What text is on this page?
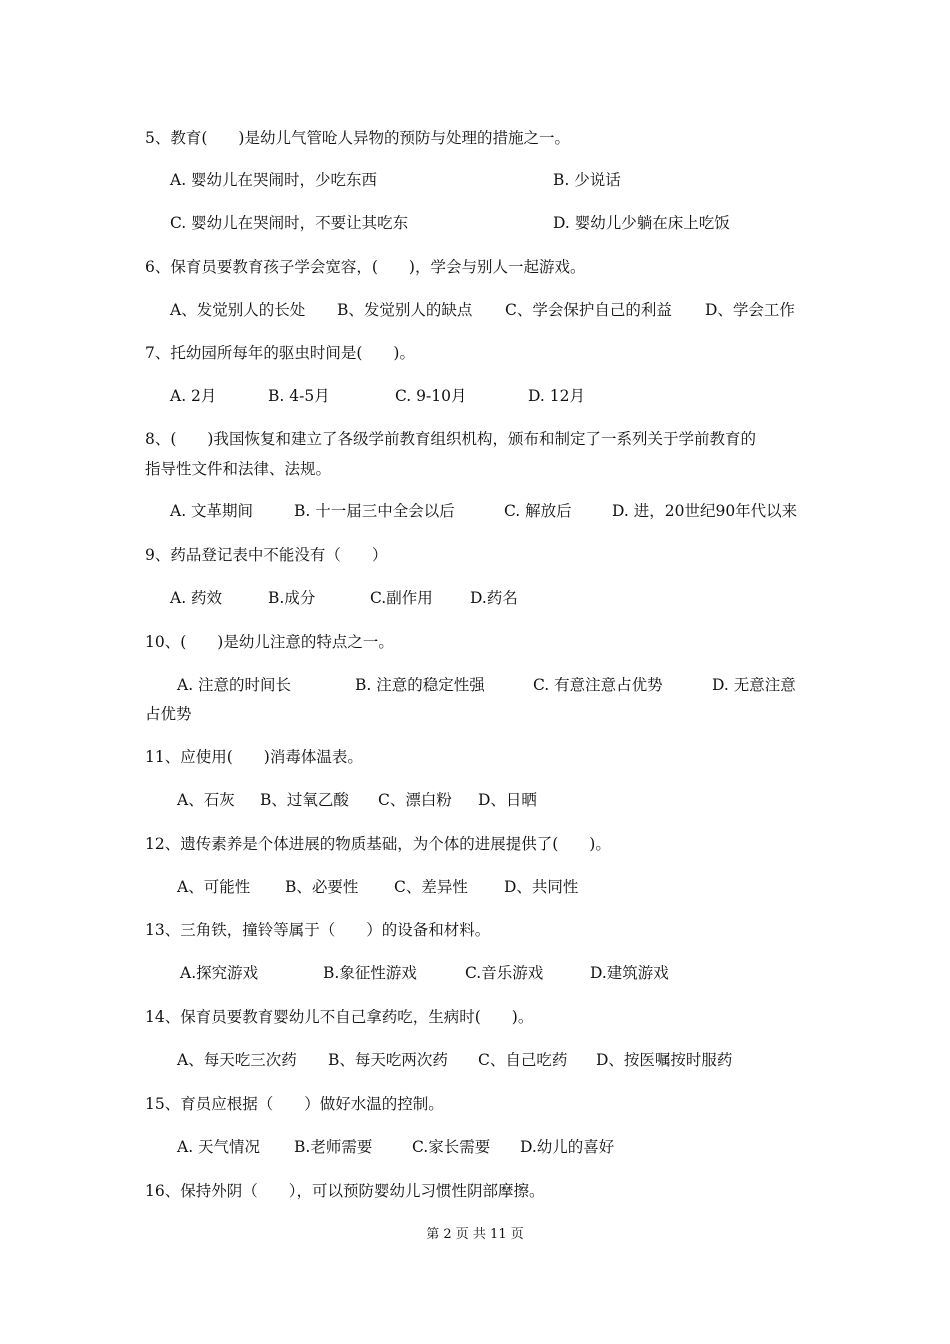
5、教育(　　)是幼儿气管呛人异物的预防与处理的措施之一。
A. 婴幼儿在哭闹时，少吃东西	B. 少说话
C. 婴幼儿在哭闹时，不要让其吃东	D. 婴幼儿少躺在床上吃饭
6、保育员要教育孩子学会宽容，(　　)，学会与别人一起游戏。
A、发觉别人的长处 B、发觉别人的缺点 C、学会保护自己的利益 D、学会工作
7、托幼园所每年的驱虫时间是(　　)。
A. 2月	B. 4-5月	C. 9-10月	D. 12月
8、(　　)我国恢复和建立了各级学前教育组织机构，颁布和制定了一系列关于学前教育的
指导性文件和法律、法规。
A. 文革期间	B. 十一届三中全会以后	C. 解放后	D. 进，20世纪90年代以来
9、药品登记表中不能没有（　　）
A. 药效	B.成分	C.副作用 D.药名
10、(　　)是幼儿注意的特点之一。
A. 注意的时间长	B. 注意的稳定性强	C. 有意注意占优势	D. 无意注意
占优势
11、应使用(　　)消毒体温表。
A、石灰 B、过氧乙酸 C、漂白粉 D、日晒
12、遗传素养是个体进展的物质基础，为个体的进展提供了(　　)。
A、可能性 B、必要性 C、差异性 D、共同性
13、三角铁，撞铃等属于（　　）的设备和材料。
A.探究游戏	B.象征性游戏	C.音乐游戏	D.建筑游戏
14、保育员要教育婴幼儿不自己拿药吃，生病时(　　)。
A、每天吃三次药 B、每天吃两次药 C、自己吃药 D、按医嘱按时服药
15、育员应根据（　　）做好水温的控制。
A. 天气情况 B.老师需要	C.家长需要 D.幼儿的喜好
16、保持外阴（　　），可以预防婴幼儿习惯性阴部摩擦。
第 2 页 共 11 页
